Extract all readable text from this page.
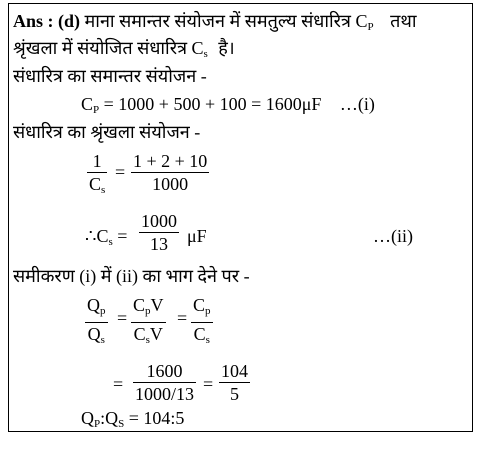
Ans : (d) माना समान्तर संयोजन में समतुल्य संधारित्र $C_P$ तथा
श्रृंखला में संयोजित संधारित्र $C_s$ है।
संधारित्र का समान्तर संयोजन -
$C_P = 1000 + 500 + 100 = 1600\mu F$ …(i)
संधारित्र का श्रृंखला संयोजन -
1
$C_s$
=
1 + 2 + 10
1000
$\therefore C_s$ =
1000
13 μF	…(ii)
समीकरण (i) में (ii) का भाग देने पर -
$Q_p$
$Q_s$
=
$C_pV$
$C_sV$
=
$C_p$
$C_s$
=
1600
1000/13 =
104
5
$Q_P:Q_S$ = 104:5
